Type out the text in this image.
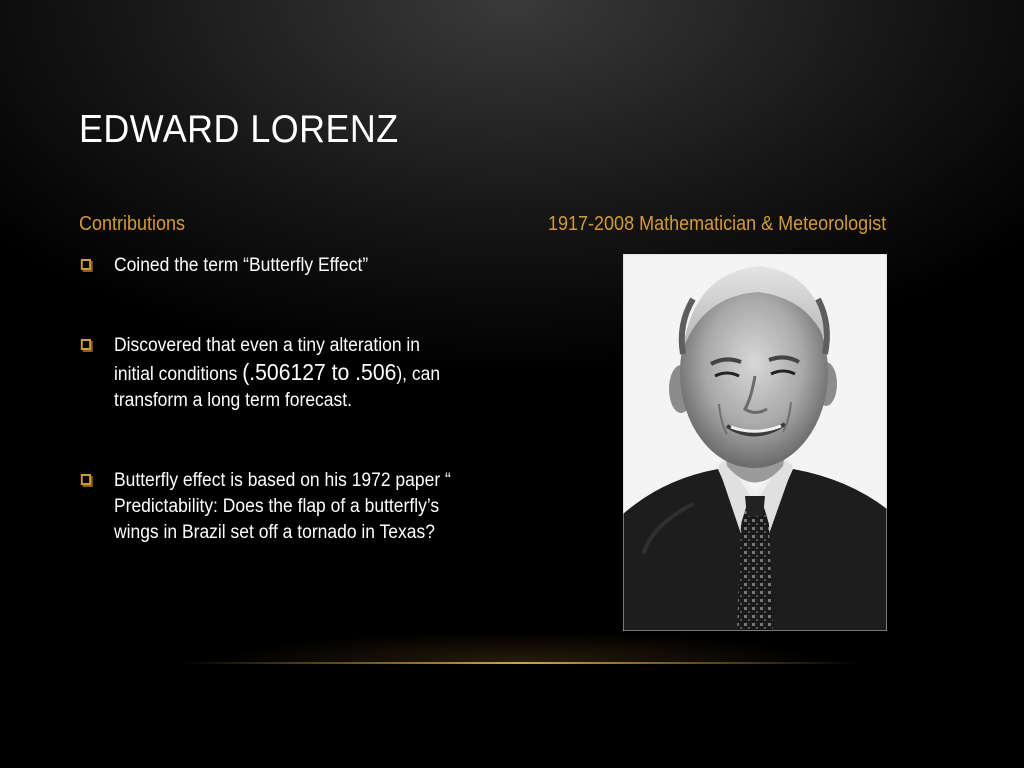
EDWARD LORENZ
Contributions	1917-2008 Mathematician & Meteorologist
Coined the term “Butterfly Effect”
Discovered that even a tiny alteration in initial conditions (.506127 to .506), can transform a long term forecast.
Butterfly effect is based on his 1972 paper “ Predictability: Does the flap of a butterfly’s wings in Brazil set off a tornado in Texas?
